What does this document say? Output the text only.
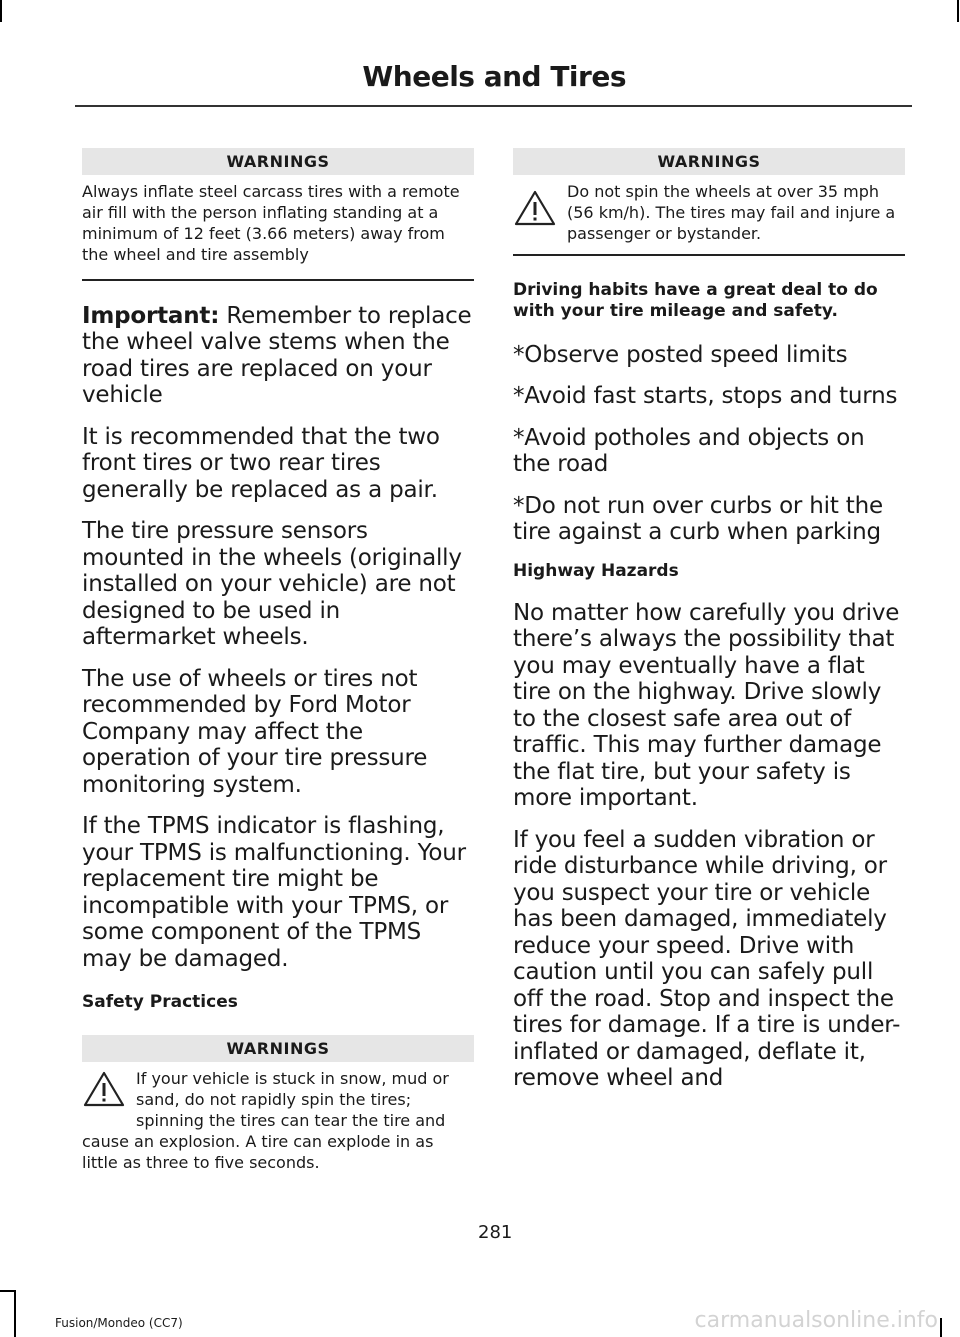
Wheels and Tires

WARNINGS

Always inflate steel carcass tires with a remote air fill with the person inflating standing at a minimum of 12 feet (3.66 meters) away from the wheel and tire assembly

Important: Remember to replace the wheel valve stems when the road tires are replaced on your vehicle

It is recommended that the two front tires or two rear tires generally be replaced as a pair.

The tire pressure sensors mounted in the wheels (originally installed on your vehicle) are not designed to be used in aftermarket wheels.

The use of wheels or tires not recommended by Ford Motor Company may affect the operation of your tire pressure monitoring system.

If the TPMS indicator is flashing, your TPMS is malfunctioning. Your replacement tire might be incompatible with your TPMS, or some component of the TPMS may be damaged.

Safety Practices

WARNINGS

If your vehicle is stuck in snow, mud or sand, do not rapidly spin the tires; spinning the tires can tear the tire and cause an explosion. A tire can explode in as little as three to five seconds.

WARNINGS

Do not spin the wheels at over 35 mph (56 km/h). The tires may fail and injure a passenger or bystander.

Driving habits have a great deal to do with your tire mileage and safety.

*Observe posted speed limits

*Avoid fast starts, stops and turns

*Avoid potholes and objects on the road

*Do not run over curbs or hit the tire against a curb when parking

Highway Hazards

No matter how carefully you drive there’s always the possibility that you may eventually have a flat tire on the highway. Drive slowly to the closest safe area out of traffic. This may further damage the flat tire, but your safety is more important.

If you feel a sudden vibration or ride disturbance while driving, or you suspect your tire or vehicle has been damaged, immediately reduce your speed. Drive with caution until you can safely pull off the road. Stop and inspect the tires for damage. If a tire is under-inflated or damaged, deflate it, remove wheel and

281

Fusion/Mondeo (CC7)	carmanualsonline.info
